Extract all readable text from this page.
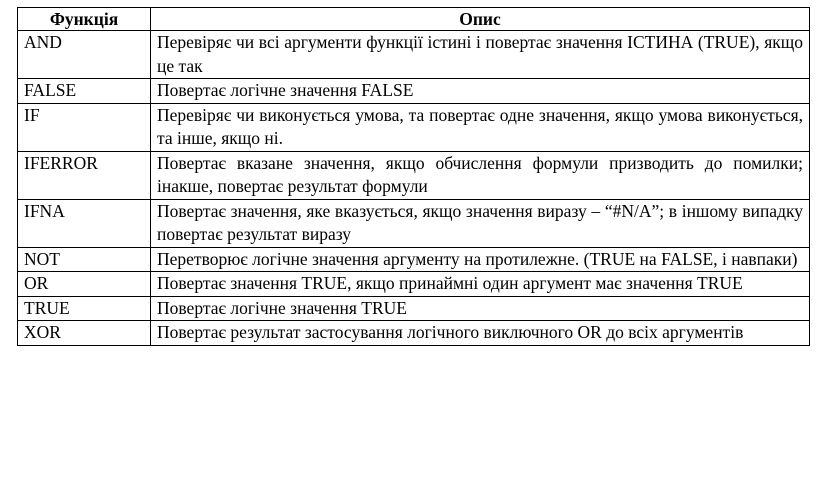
Функція	Опис
AND	Перевіряє чи всі аргументи функції істині і повертає значення ІСТИНА (TRUE), якщо це так
FALSE	Повертає логічне значення FALSE
IF	Перевіряє чи виконується умова, та повертає одне значення, якщо умова виконується, та інше, якщо ні.
IFERROR	Повертає вказане значення, якщо обчислення формули призводить до помилки; інакше, повертає результат формули
IFNA	Повертає значення, яке вказується, якщо значення виразу – “#N/A”; в іншому випадку повертає результат виразу
NOT	Перетворює логічне значення аргументу на протилежне. (TRUE на FALSE, і навпаки)
OR	Повертає значення TRUE, якщо принаймні один аргумент має значення TRUE
TRUE	Повертає логічне значення TRUE
XOR	Повертає результат застосування логічного виключного OR до всіх аргументів
